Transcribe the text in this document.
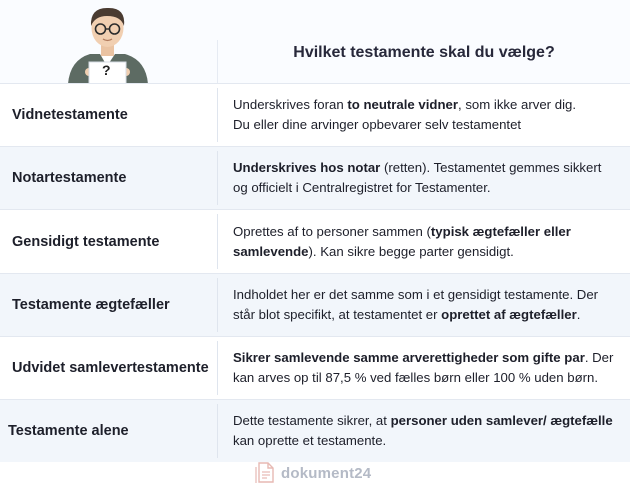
?
Hvilket testamente skal du vælge?
Vidnetestamente

Underskrives foran to neutrale vidner, som ikke arver dig.
Du eller dine arvinger opbevarer selv testamentet

Notartestamente

Underskrives hos notar (retten). Testamentet gemmes sikkert og officielt i Centralregistret for Testamenter.

Gensidigt testamente

Oprettes af to personer sammen (typisk ægtefæller eller samlevende). Kan sikre begge parter gensidigt.

Testamente ægtefæller

Indholdet her er det samme som i et gensidigt testamente. Der står blot specifikt, at testamentet er oprettet af ægtefæller.

Udvidet samlevertestamente

Sikrer samlevende samme arverettigheder som gifte par. Der kan arves op til 87,5 % ved fælles børn eller 100 % uden børn.

Testamente alene

Dette testamente sikrer, at personer uden samlever/ ægtefælle kan oprette et testamente.

dokument24
